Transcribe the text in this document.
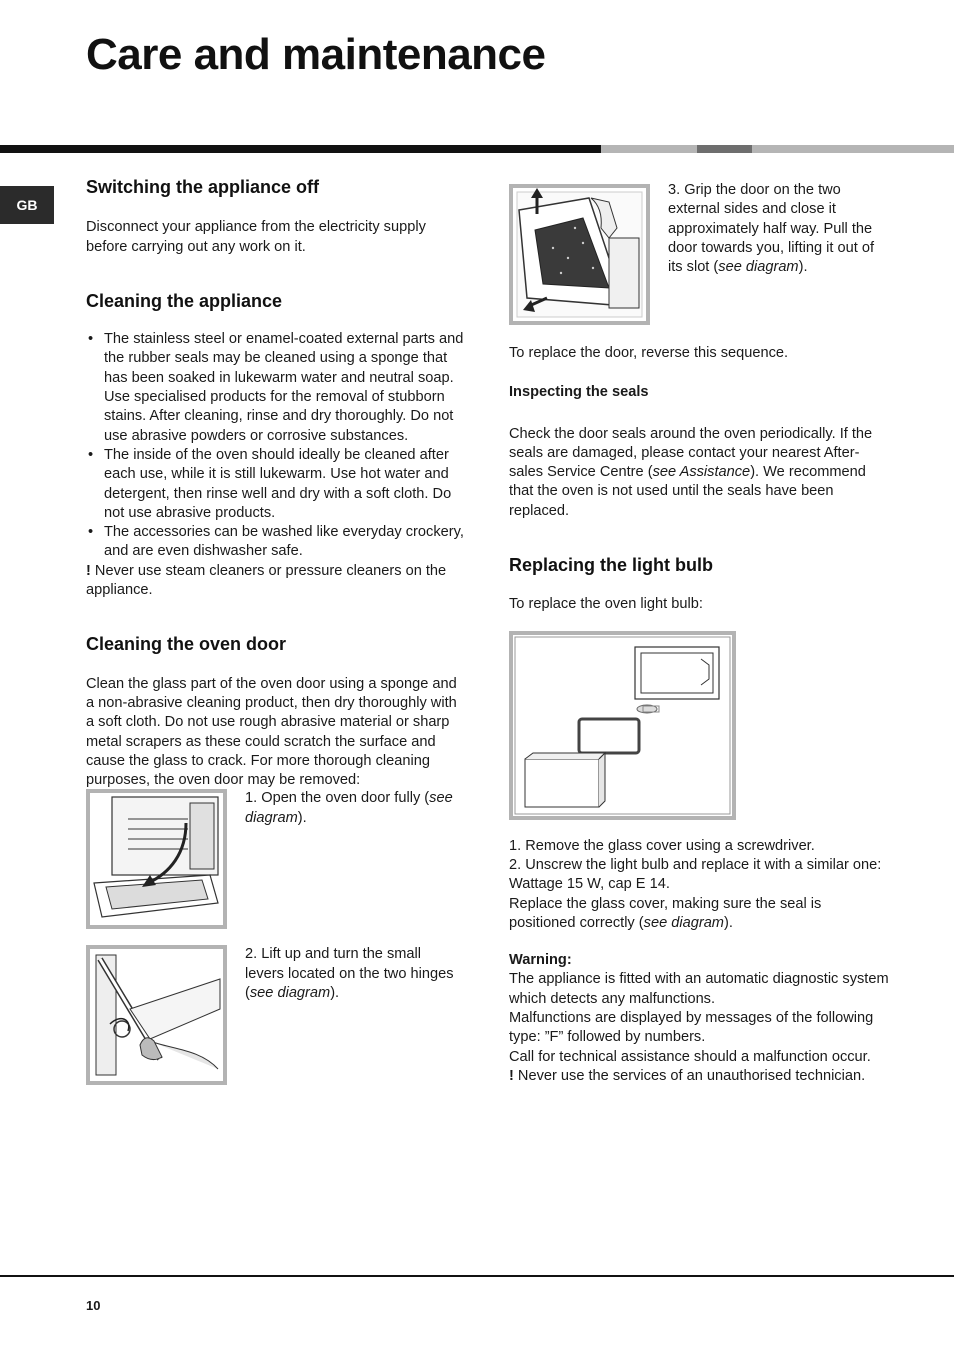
Care and maintenance
GB
Switching the appliance off

Disconnect your appliance from the electricity supply before carrying out any work on it.

Cleaning the appliance
• The stainless steel or enamel-coated external parts and the rubber seals may be cleaned using a sponge that has been soaked in lukewarm water and neutral soap. Use specialised products for the removal of stubborn stains. After cleaning, rinse and dry thoroughly. Do not use abrasive powders or corrosive substances.
• The inside of the oven should ideally be cleaned after each use, while it is still lukewarm. Use hot water and detergent, then rinse well and dry with a soft cloth. Do not use abrasive products.
• The accessories can be washed like everyday crockery, and are even dishwasher safe.

! Never use steam cleaners or pressure cleaners on the appliance.

Cleaning the oven door

Clean the glass part of the oven door using a sponge and a non-abrasive cleaning product, then dry thoroughly with a soft cloth. Do not use rough abrasive material or sharp metal scrapers as these could scratch the surface and cause the glass to crack. For more thorough cleaning purposes, the oven door may be removed:

1. Open the oven door fully (see diagram).

2. Lift up and turn the small levers located on the two hinges (see diagram).

3. Grip the door on the two external sides and close it approximately half way. Pull the door towards you, lifting it out of its slot (see diagram).

To replace the door, reverse this sequence.

Inspecting the seals

Check the door seals around the oven periodically. If the seals are damaged, please contact your nearest After-sales Service Centre (see Assistance). We recommend that the oven is not used until the seals have been replaced.

Replacing the light bulb

To replace the oven light bulb:

1. Remove the glass cover using a screwdriver.

2. Unscrew the light bulb and replace it with a similar one: Wattage 15 W, cap E 14.

Replace the glass cover, making sure the seal is positioned correctly (see diagram).

Warning:

The appliance is fitted with an automatic diagnostic system which detects any malfunctions.

Malfunctions are displayed by messages of the following type: ”F” followed by numbers.

Call for technical assistance should a malfunction occur.

! Never use the services of an unauthorised technician.

10
